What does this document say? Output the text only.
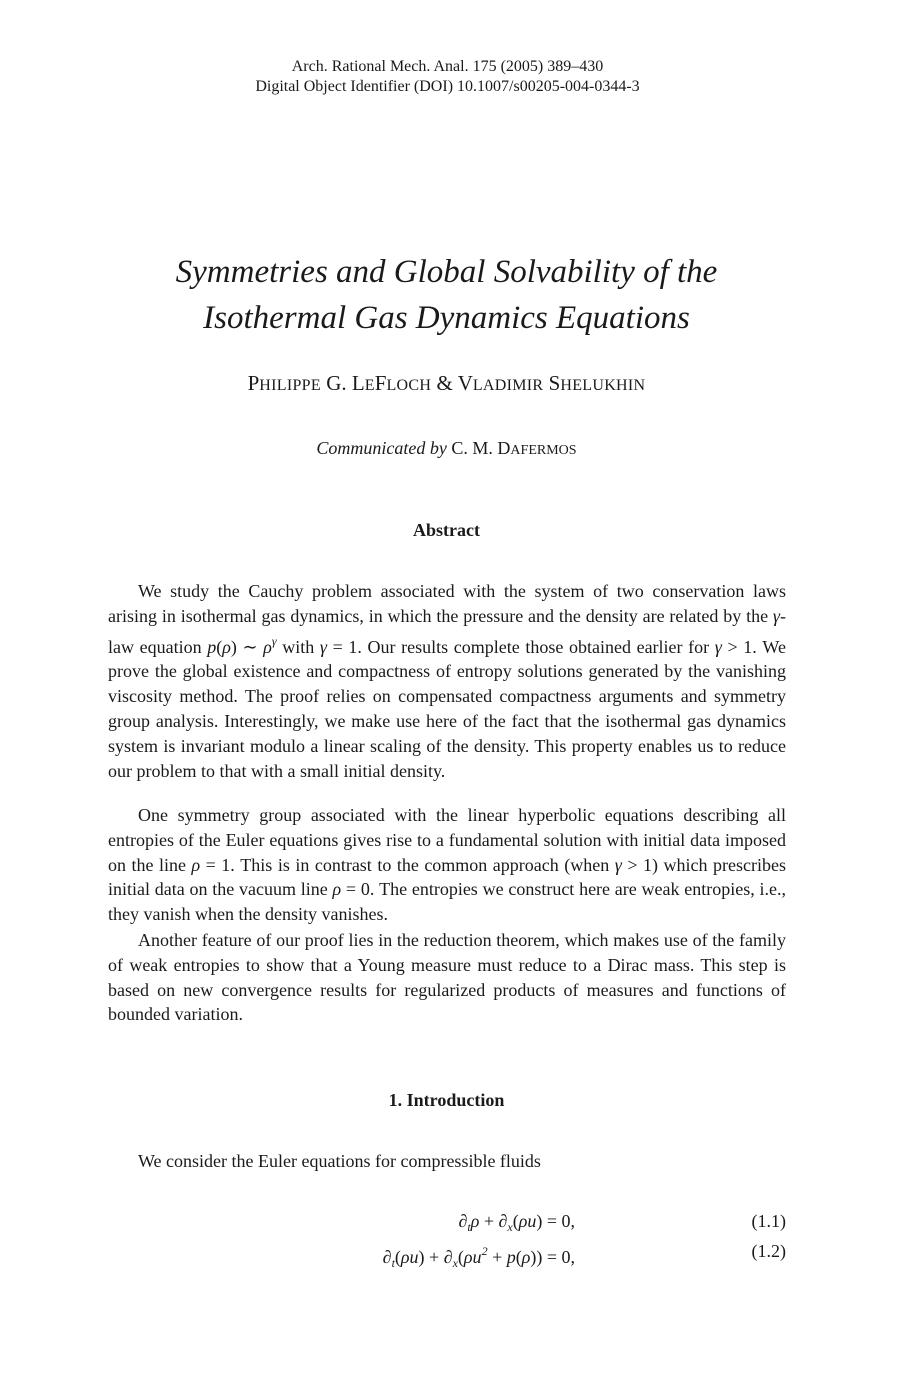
Arch. Rational Mech. Anal. 175 (2005) 389–430
Digital Object Identifier (DOI) 10.1007/s00205-004-0344-3
Symmetries and Global Solvability of the
Isothermal Gas Dynamics Equations
PHILIPPE G. LEFLOCH & VLADIMIR SHELUKHIN
Communicated by C. M. DAFERMOS
Abstract

We study the Cauchy problem associated with the system of two conservation laws arising in isothermal gas dynamics, in which the pressure and the density are related by the γ-law equation p(ρ) ∼ $\rho^\gamma$ with γ = 1. Our results complete those obtained earlier for γ > 1. We prove the global existence and compactness of entropy solutions generated by the vanishing viscosity method. The proof relies on compensated compactness arguments and symmetry group analysis. Interestingly, we make use here of the fact that the isothermal gas dynamics system is invariant modulo a linear scaling of the density. This property enables us to reduce our problem to that with a small initial density.

One symmetry group associated with the linear hyperbolic equations describing all entropies of the Euler equations gives rise to a fundamental solution with initial data imposed on the line ρ = 1. This is in contrast to the common approach (when γ > 1) which prescribes initial data on the vacuum line ρ = 0. The entropies we construct here are weak entropies, i.e., they vanish when the density vanishes.

Another feature of our proof lies in the reduction theorem, which makes use of the family of weak entropies to show that a Young measure must reduce to a Dirac mass. This step is based on new convergence results for regularized products of measures and functions of bounded variation.

1. Introduction
We consider the Euler equations for compressible fluids
$\partial_t\rho + \partial_x(\rho u) = 0$,	(1.1)
$\partial_t(\rho u) + \partial_x(\rho u^2 + p(\rho)) = 0$,	(1.2)
